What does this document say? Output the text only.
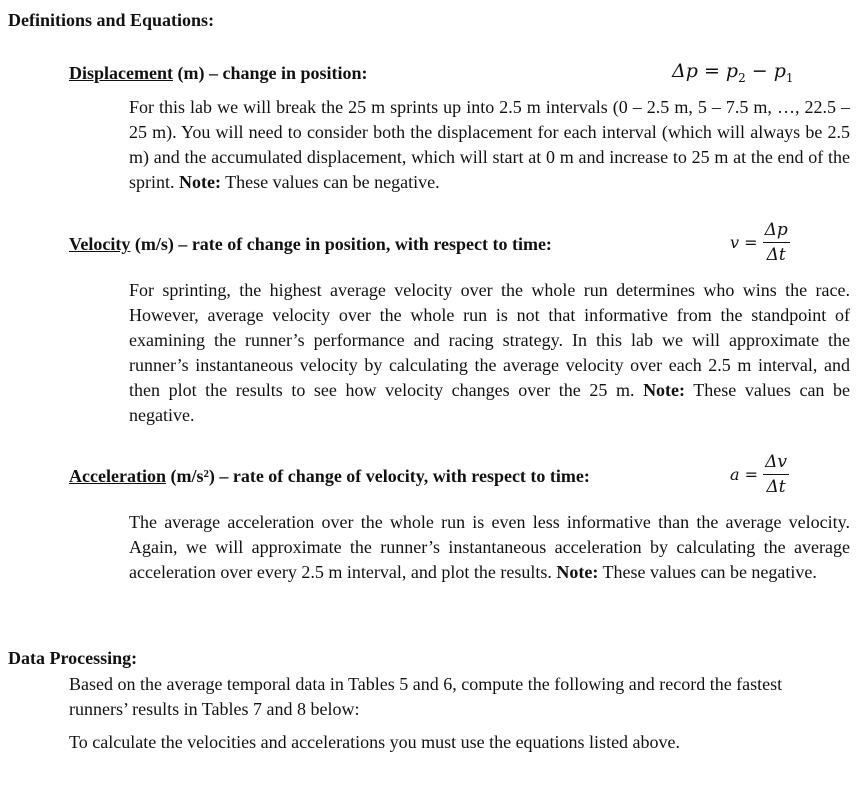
Definitions and Equations:
Displacement (m) – change in position:	$\Delta p = p_2 - p_1$
For this lab we will break the 25 m sprints up into 2.5 m intervals (0 – 2.5 m, 5 – 7.5 m, …, 22.5 – 25 m). You will need to consider both the displacement for each interval (which will always be 2.5 m) and the accumulated displacement, which will start at 0 m and increase to 25 m at the end of the sprint. Note: These values can be negative.
Velocity (m/s) – rate of change in position, with respect to time:	$v = \frac{\Delta p}{\Delta t}$
For sprinting, the highest average velocity over the whole run determines who wins the race. However, average velocity over the whole run is not that informative from the standpoint of examining the runner’s performance and racing strategy. In this lab we will approximate the runner’s instantaneous velocity by calculating the average velocity over each 2.5 m interval, and then plot the results to see how velocity changes over the 25 m. Note: These values can be negative.
Acceleration (m/s²) – rate of change of velocity, with respect to time:	$a = \frac{\Delta v}{\Delta t}$
The average acceleration over the whole run is even less informative than the average velocity. Again, we will approximate the runner’s instantaneous acceleration by calculating the average acceleration over every 2.5 m interval, and plot the results. Note: These values can be negative.
Data Processing:
Based on the average temporal data in Tables 5 and 6, compute the following and record the fastest runners’ results in Tables 7 and 8 below:
To calculate the velocities and accelerations you must use the equations listed above.
